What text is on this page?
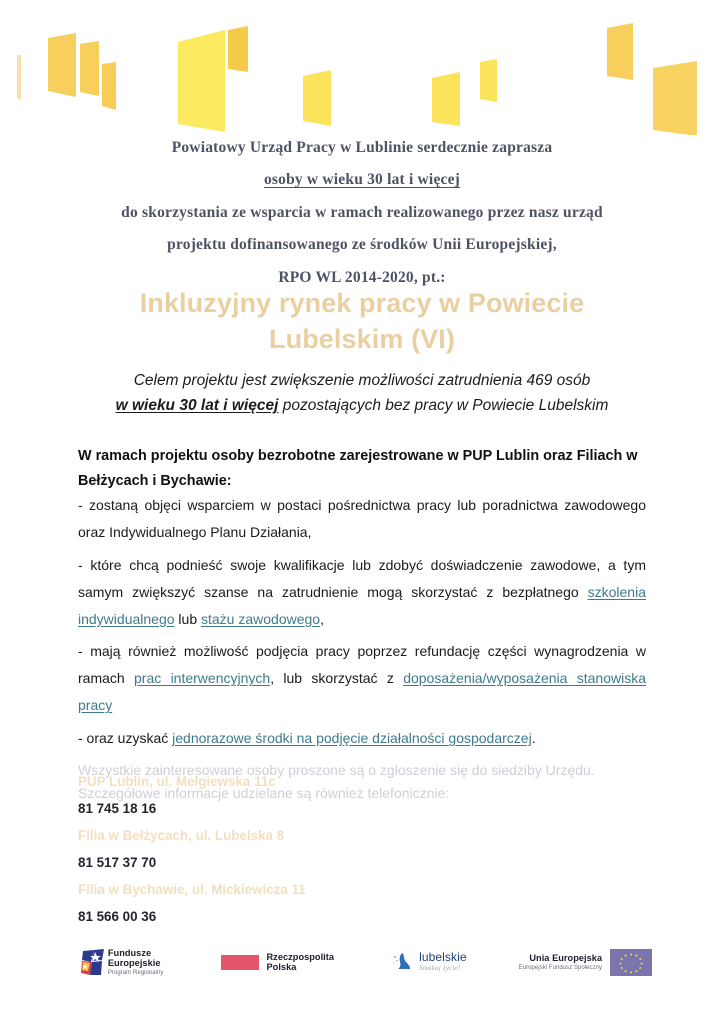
Powiatowy Urząd Pracy w Lublinie serdecznie zaprasza

osoby w wieku 30 lat i więcej

do skorzystania ze wsparcia w ramach realizowanego przez nasz urząd

projektu dofinansowanego ze środków Unii Europejskiej,

RPO WL 2014-2020, pt.:

Inkluzyjny rynek pracy w Powiecie
Lubelskim (VI)
Celem projektu jest zwiększenie możliwości zatrudnienia 469 osób
w wieku 30 lat i więcej pozostających bez pracy w Powiecie Lubelskim

W ramach projektu osoby bezrobotne zarejestrowane w PUP Lublin oraz Filiach w Bełżycach i Bychawie:

- zostaną objęci wsparciem w postaci pośrednictwa pracy lub poradnictwa zawodowego oraz Indywidualnego Planu Działania,

- które chcą podnieść swoje kwalifikacje lub zdobyć doświadczenie zawodowe, a tym samym zwiększyć szanse na zatrudnienie mogą skorzystać z bezpłatnego szkolenia indywidualnego lub stażu zawodowego,

- mają również możliwość podjęcia pracy poprzez refundację części wynagrodzenia w ramach prac interwencyjnych, lub skorzystać z doposażenia/wyposażenia stanowiska pracy

- oraz uzyskać jednorazowe środki na podjęcie działalności gospodarczej.

Wszystkie zainteresowane osoby proszone są o zgłoszenie się do siedziby Urzędu. Szczegółowe informacje udzielane są również telefonicznie:

PUP Lublin, ul. Mełgiewska 11c

81 745 18 16

Filia w Bełżycach, ul. Lubelska 8

81 517 37 70

Filia w Bychawie, ul. Mickiewicza 11

81 566 00 36

Fundusze
Europejskie
Program Regionalny
Rzeczpospolita
Polska
lubelskie
Smakuj życie!
Unia Europejska
Europejski Fundusz Społeczny
